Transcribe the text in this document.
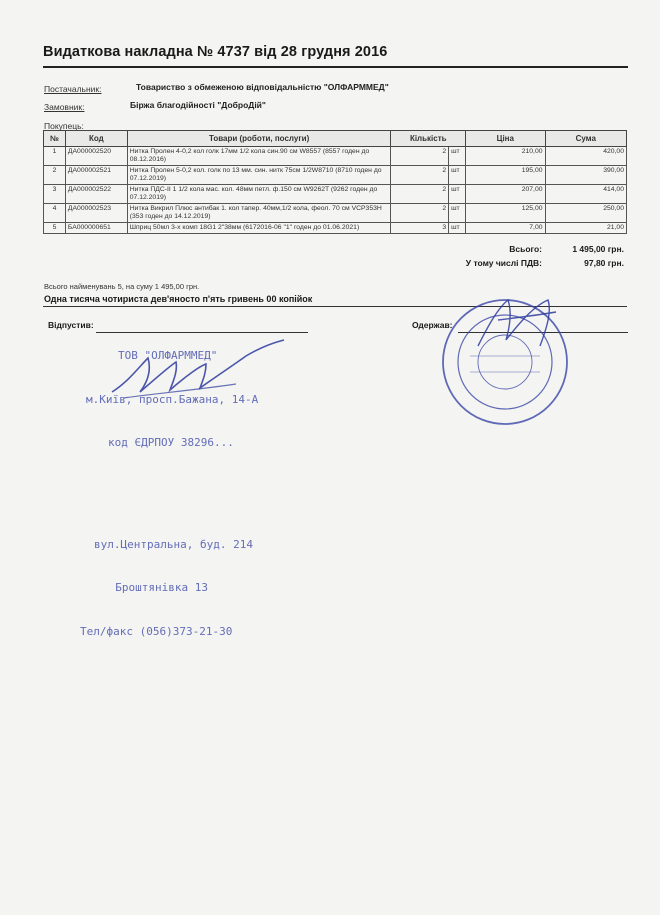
Видаткова накладна № 4737 від 28 грудня 2016
Постачальник:	Товариство з обмеженою відповідальністю "ОЛФАРММЕД"
Замовник:	Біржа благодійності "ДоброДій"
Покупець:
№	Код	Товари (роботи, послуги)	Кількість		Ціна	Сума
1	ДА000002520	Нитка Пролен 4-0,2 кол голк 17мм 1/2 кола син.90 см W8557 (8557 годен до 08.12.2016)	2	шт	210,00	420,00
2	ДА000002521	Нитка Пролен 5-0,2 кол. голк по 13 мм. син. нитк 75см 1/2W8710 (8710 годен до 07.12.2019)	2	шт	195,00	390,00
3	ДА000002522	Нитка ПДС-ІІ 1 1/2 кола мас. кол. 48мм петл. ф.150 см W9262T (9262 годен до 07.12.2019)	2	шт	207,00	414,00
4	ДА000002523	Нитка Викрил Плюс антибак 1. кол тапер. 40мм,1/2 кола, феол. 70 см VCP353H (353 годен до 14.12.2019)	2	шт	125,00	250,00
5	БА000000651	Шприц 50мл 3-х комп 18G1 2"38мм (6172016-06 "1" годен до 01.06.2021)	3	шт	7,00	21,00
Всього:	1 495,00 грн.
У тому числі ПДВ:	97,80 грн.
Всього найменувань 5, на суму 1 495,00 грн.
Одна тисяча чотириста дев'яносто п'ять гривень 00 копійок
Відпустив:	Одержав:

ТОВ "ОЛФАРММЕД"

м.Київ, просп.Бажана, 14-А

код ЄДРПОУ 38296...

вул.Центральна, буд. 214

Броштянівка 13

Тел/факс (056)373-21-30
